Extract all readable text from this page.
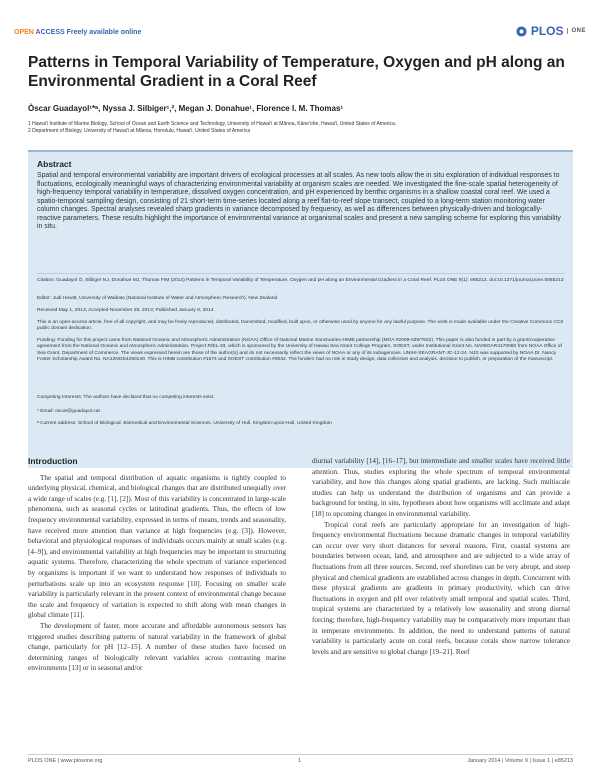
OPEN ACCESS Freely available online	PLOS	ONE
Patterns in Temporal Variability of Temperature, Oxygen and pH along an Environmental Gradient in a Coral Reef
Òscar Guadayol¹*ᵃ, Nyssa J. Silbiger¹,², Megan J. Donahue¹, Florence I. M. Thomas¹
1 Hawai'i Institute of Marine Biology, School of Ocean and Earth Science and Technology, University of Hawai'i at Mānoa, Kāne'ohe, Hawai'i, United States of America,
2 Department of Biology, University of Hawai'i at Mānoa, Honolulu, Hawai'i, United States of America
Abstract

Spatial and temporal environmental variability are important drivers of ecological processes at all scales. As new tools allow the in situ exploration of individual responses to fluctuations, ecologically meaningful ways of characterizing environmental variability at organism scales are needed. We investigated the fine-scale spatial heterogeneity of high-frequency temporal variability in temperature, dissolved oxygen concentration, and pH experienced by benthic organisms in a shallow coastal coral reef. We used a spatio-temporal sampling design, consisting of 21 short-term time-series located along a reef flat-to-reef slope transect, coupled to a long-term station monitoring water column changes. Spectral analyses revealed sharp gradients in variance decomposed by frequency, as well as differences between physically-driven and biologically-reactive parameters. These results highlight the importance of environmental variance at organismal scales and present a new sampling scheme for exploring this variability in situ.

Citation: Guadayol Ò, Silbiger NJ, Donahue MJ, Thomas FIM (2014) Patterns in Temporal Variability of Temperature, Oxygen and pH along an Environmental Gradient in a Coral Reef. PLoS ONE 9(1): e85213. doi:10.1371/journal.pone.0085213
Editor: Judi Hewitt, University of Waikato (National Institute of Water and Atmospheric Research), New Zealand
Received May 1, 2013; Accepted November 25, 2013; Published January 8, 2014
This is an open-access article, free of all copyright, and may be freely reproduced, distributed, transmitted, modified, built upon, or otherwise used by anyone for any lawful purpose. The work is made available under the Creative Commons CC0 public domain dedication.
Funding: Funding for this project came from National Oceanic and Atmospheric Administration (NOAA) Office of National Marine Sanctuaries-HIMB partnership (MOA #2009-039/7932). This paper is also funded in part by a grant/cooperative agreement from the National Oceanic and Atmospheric Administration, Project R/EL-33, which is sponsored by the University of Hawaii Sea Grant College Program, SOEST, under Institutional Grant No. NA09OAR4170060 from NOAA Office of Sea Grant, Department of Commerce. The views expressed herein are those of the author(s) and do not necessarily reflect the views of NOAA or any of its subagencies. UNIHI-SEAGRANT-JC-12-24. NJS was supported by NOAA Dr. Nancy Foster Scholarship Award No. NA12NOS4290140. This is HIMB contribution #1574 and SOEST contribution #9042. The funders had no role in study design, data collection and analysis, decision to publish, or preparation of the manuscript.
Competing Interests: The authors have declared that no competing interests exist.
* Email: oscar@guadayol.cat
ᵃ Current address: School of Biological, Biomedical and Environmental Sciences, University of Hull, Kingston-upon-Hull, United Kingdom
Introduction

The spatial and temporal distribution of aquatic organisms is tightly coupled to underlying physical, chemical, and biological changes that are distributed unequally over a wide range of scales (e.g. [1], [2]). Most of this variability is concentrated in large-scale phenomena, such as seasonal cycles or latitudinal gradients. Thus, the effects of low frequency environmental variability, expressed in terms of means, trends and seasonality, have received more attention than variance at high frequencies (e.g. [3]). However, behavioral and physiological responses of individuals occurs mainly at small scales (e.g. [4–9]), and environmental variability at high frequencies may be important to structuring aquatic systems. Therefore, characterizing the whole spectrum of variance experienced by organisms is important if we want to understand how responses of individuals to perturbations scale up into an ecosystem response [10]. Focusing on smaller scale variability is particularly relevant in the present context of environmental change because the scale and frequency of variation is expected to shift along with mean changes in global climate [11].

The development of faster, more accurate and affordable autonomous sensors has triggered studies describing patterns of natural variability in the framework of global change, particularly for pH [12–15]. A number of these studies have focused on determining ranges of biologically relevant variables across contrasting marine environments [13] or in seasonal and/or

diurnal variability [14], [16–17], but intermediate and smaller scales have received little attention. Thus, studies exploring the whole spectrum of temporal environmental variability, and how this changes along spatial gradients, are lacking. Such multiscale studies can help us understand the distribution of organisms and can provide a background for testing, in situ, hypotheses about how organisms will acclimate and adapt [18] to upcoming changes in environmental variability.

Tropical coral reefs are particularly appropriate for an investigation of high-frequency environmental fluctuations because dramatic changes in temporal variability can occur over very short distances for several reasons. First, coastal systems are boundaries between ocean, land, and atmosphere and are subjected to a wide array of fluctuations from all three sources. Second, reef shorelines can be very abrupt, and steep physical and chemical gradients are established across changes in depth. Concurrent with these physical gradients are gradients in primary productivity, which can drive fluctuations in oxygen and pH over relatively small temporal and spatial scales. Third, tropical systems are characterized by a relatively low seasonality and strong diurnal forcing; therefore, high-frequency variability may be comparatively more important than in temperate environments. In addition, the need to understand patterns of natural variability is particularly acute on coral reefs, because corals show narrow tolerance levels and are sensitive to global change [19–21]. Reef

PLOS ONE | www.plosone.org	1	January 2014 | Volume 9 | Issue 1 | e85213
